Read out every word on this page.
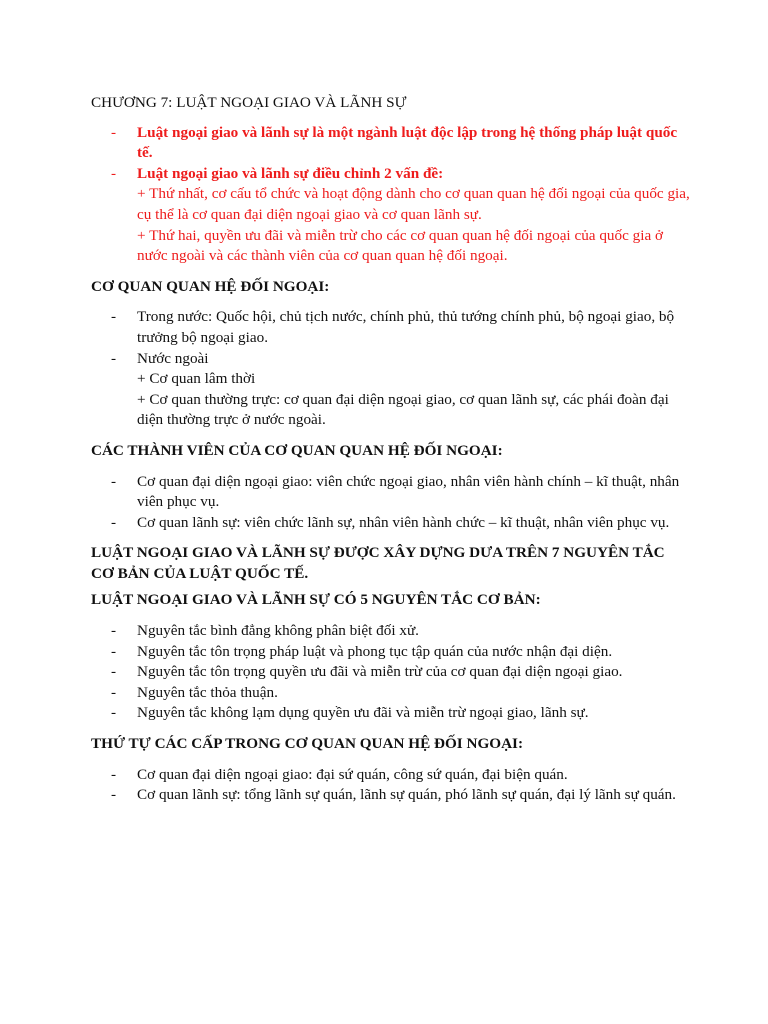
CHƯƠNG 7: LUẬT NGOẠI GIAO VÀ LÃNH SỰ

- Luật ngoại giao và lãnh sự là một ngành luật độc lập trong hệ thống pháp luật quốc tế.
- Luật ngoại giao và lãnh sự điều chỉnh 2 vấn đề:
+ Thứ nhất, cơ cấu tổ chức và hoạt động dành cho cơ quan quan hệ đối ngoại của quốc gia, cụ thể là cơ quan đại diện ngoại giao và cơ quan lãnh sự.
+ Thứ hai, quyền ưu đãi và miễn trừ cho các cơ quan quan hệ đối ngoại của quốc gia ở nước ngoài và các thành viên của cơ quan quan hệ đối ngoại.

CƠ QUAN QUAN HỆ ĐỐI NGOẠI:

- Trong nước: Quốc hội, chủ tịch nước, chính phủ, thủ tướng chính phủ, bộ ngoại giao, bộ trưởng bộ ngoại giao.
- Nước ngoài
+ Cơ quan lâm thời
+ Cơ quan thường trực: cơ quan đại diện ngoại giao, cơ quan lãnh sự, các phái đoàn đại diện thường trực ở nước ngoài.

CÁC THÀNH VIÊN CỦA CƠ QUAN QUAN HỆ ĐỐI NGOẠI:

- Cơ quan đại diện ngoại giao: viên chức ngoại giao, nhân viên hành chính – kĩ thuật, nhân viên phục vụ.
- Cơ quan lãnh sự: viên chức lãnh sự, nhân viên hành chức – kĩ thuật, nhân viên phục vụ.

LUẬT NGOẠI GIAO VÀ LÃNH SỰ ĐƯỢC XÂY DỰNG DƯA TRÊN 7 NGUYÊN TẮC CƠ BẢN CỦA LUẬT QUỐC TẾ.

LUẬT NGOẠI GIAO VÀ LÃNH SỰ CÓ 5 NGUYÊN TẮC CƠ BẢN:

- Nguyên tắc bình đẳng không phân biệt đối xử.
- Nguyên tắc tôn trọng pháp luật và phong tục tập quán của nước nhận đại diện.
- Nguyên tắc tôn trọng quyền ưu đãi và miễn trừ của cơ quan đại diện ngoại giao.
- Nguyên tắc thỏa thuận.
- Nguyên tắc không lạm dụng quyền ưu đãi và miễn trừ ngoại giao, lãnh sự.

THỨ TỰ CÁC CẤP TRONG CƠ QUAN QUAN HỆ ĐỐI NGOẠI:

- Cơ quan đại diện ngoại giao: đại sứ quán, công sứ quán, đại biện quán.
- Cơ quan lãnh sự: tổng lãnh sự quán, lãnh sự quán, phó lãnh sự quán, đại lý lãnh sự quán.
